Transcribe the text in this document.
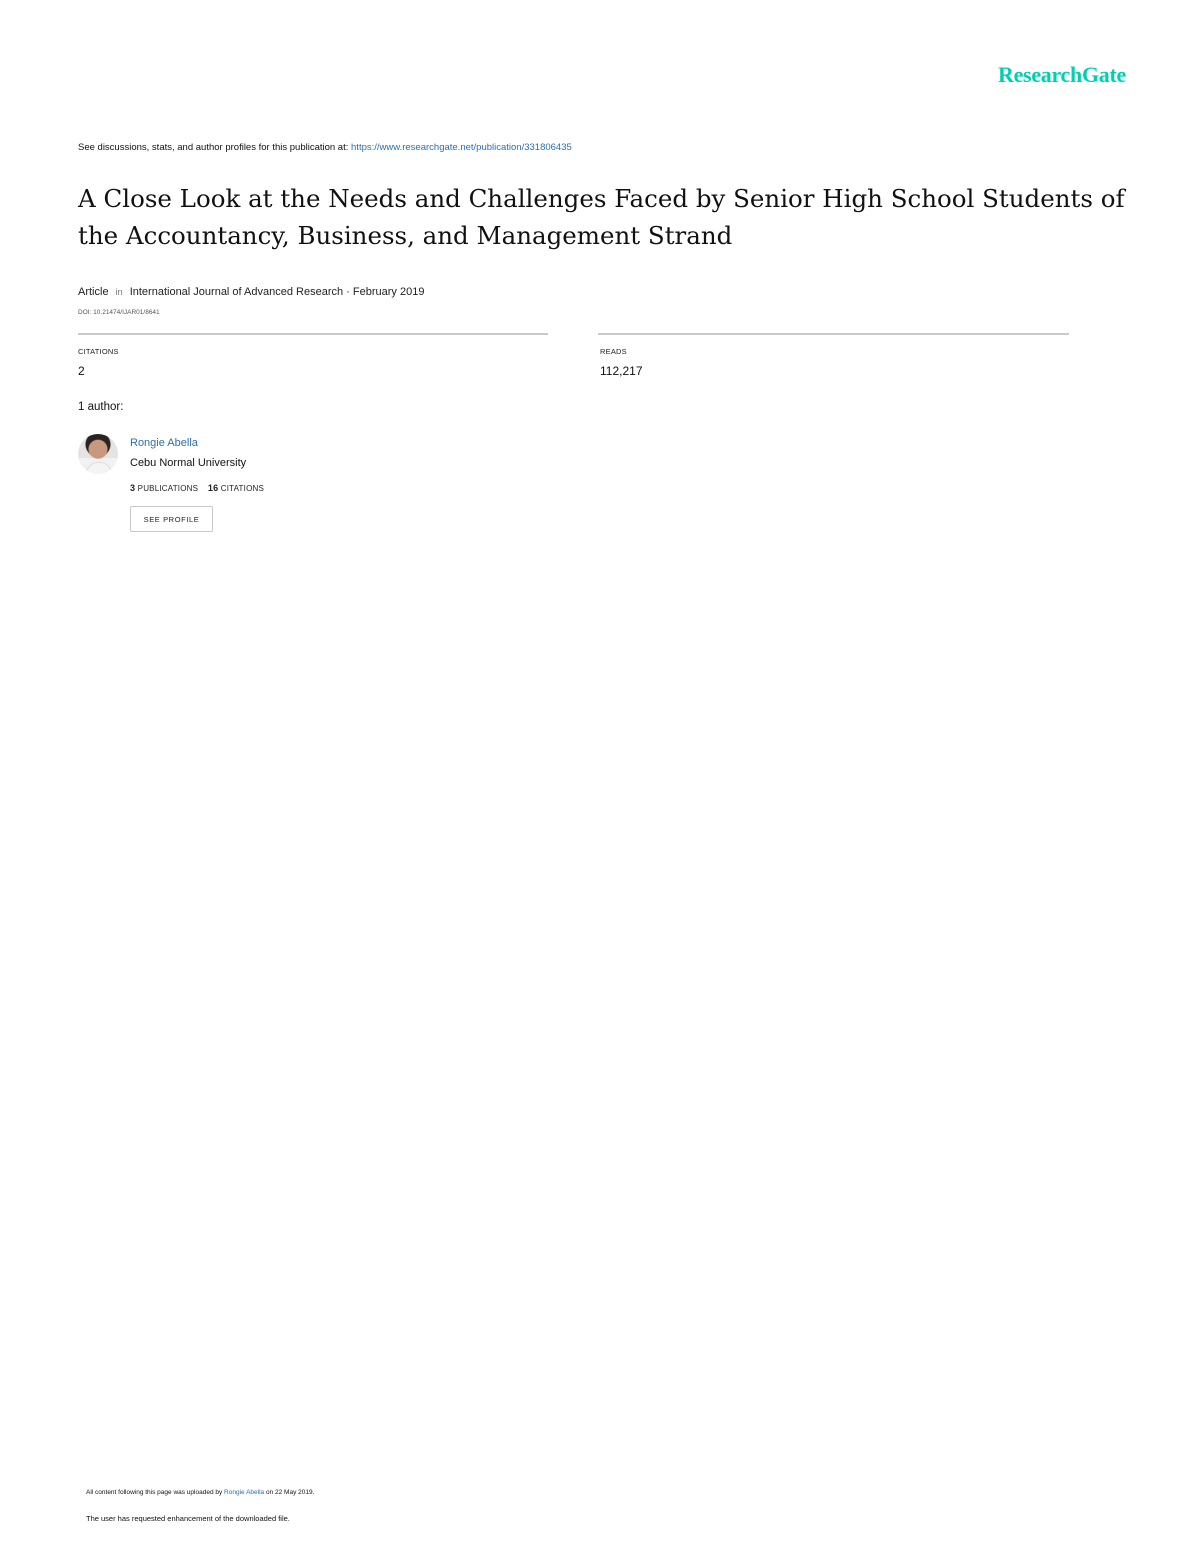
ResearchGate
See discussions, stats, and author profiles for this publication at: https://www.researchgate.net/publication/331806435
A Close Look at the Needs and Challenges Faced by Senior High School Students of the Accountancy, Business, and Management Strand
Article in International Journal of Advanced Research · February 2019
DOI: 10.21474/IJAR01/8641
CITATIONS
2
READS
112,217
1 author:
Rongie Abella
Cebu Normal University
3 PUBLICATIONS 16 CITATIONS
SEE PROFILE
All content following this page was uploaded by Rongie Abella on 22 May 2019.
The user has requested enhancement of the downloaded file.
